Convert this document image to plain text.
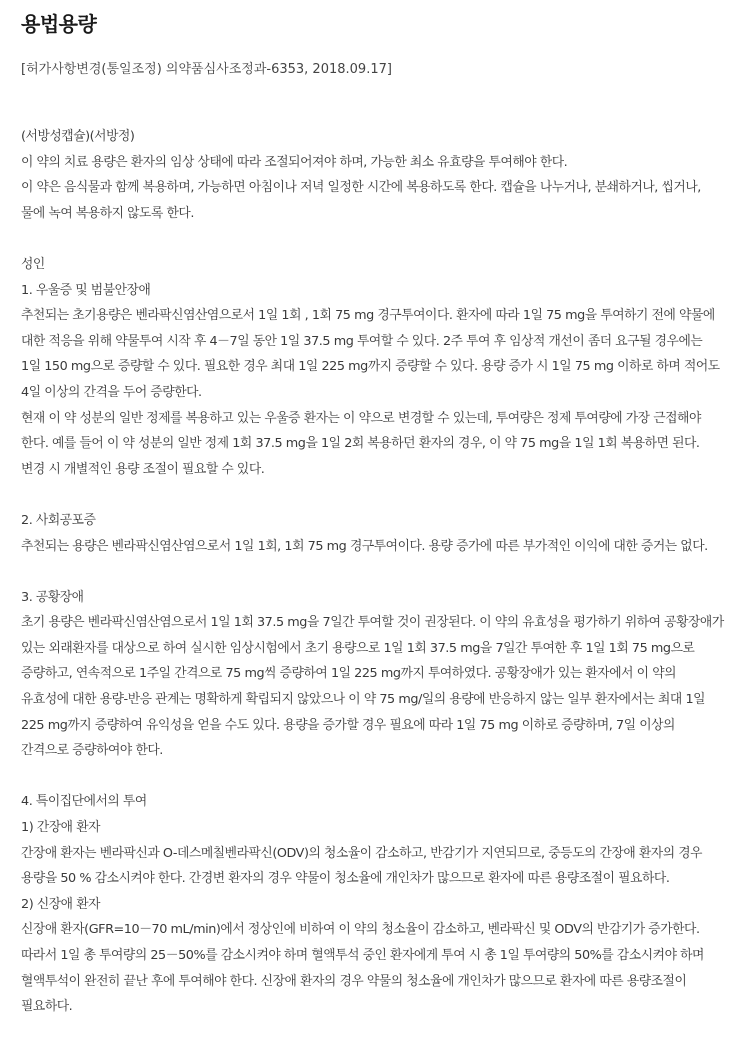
용법용량
[허가사항변경(통일조정) 의약품심사조정과-6353, 2018.09.17]

(서방성캡슐)(서방정)

이 약의 치료 용량은 환자의 임상 상태에 따라 조절되어져야 하며, 가능한 최소 유효량을 투여해야 한다.

이 약은 음식물과 함께 복용하며, 가능하면 아침이나 저녁 일정한 시간에 복용하도록 한다. 캡슐을 나누거나, 분쇄하거나, 씹거나, 물에 녹여 복용하지 않도록 한다.

성인

1. 우울증 및 범불안장애

추천되는 초기용량은 벤라팍신염산염으로서 1일 1회 , 1회 75 mg 경구투여이다. 환자에 따라 1일 75 mg을 투여하기 전에 약물에 대한 적응을 위해 약물투여 시작 후 4－7일 동안 1일 37.5 mg 투여할 수 있다. 2주 투여 후 임상적 개선이 좀더 요구될 경우에는 1일 150 mg으로 증량할 수 있다. 필요한 경우 최대 1일 225 mg까지 증량할 수 있다. 용량 증가 시 1일 75 mg 이하로 하며 적어도 4일 이상의 간격을 두어 증량한다.

현재 이 약 성분의 일반 정제를 복용하고 있는 우울증 환자는 이 약으로 변경할 수 있는데, 투여량은 정제 투여량에 가장 근접해야 한다. 예를 들어 이 약 성분의 일반 정제 1회 37.5 mg을 1일 2회 복용하던 환자의 경우, 이 약 75 mg을 1일 1회 복용하면 된다. 변경 시 개별적인 용량 조절이 필요할 수 있다.

2. 사회공포증

추천되는 용량은 벤라팍신염산염으로서 1일 1회, 1회 75 mg 경구투여이다. 용량 증가에 따른 부가적인 이익에 대한 증거는 없다.

3. 공황장애

초기 용량은 벤라팍신염산염으로서 1일 1회 37.5 mg을 7일간 투여할 것이 권장된다. 이 약의 유효성을 평가하기 위하여 공황장애가 있는 외래환자를 대상으로 하여 실시한 임상시험에서 초기 용량으로 1일 1회 37.5 mg을 7일간 투여한 후 1일 1회 75 mg으로 증량하고, 연속적으로 1주일 간격으로 75 mg씩 증량하여 1일 225 mg까지 투여하였다. 공황장애가 있는 환자에서 이 약의 유효성에 대한 용량-반응 관계는 명확하게 확립되지 않았으나 이 약 75 mg/일의 용량에 반응하지 않는 일부 환자에서는 최대 1일 225 mg까지 증량하여 유익성을 얻을 수도 있다. 용량을 증가할 경우 필요에 따라 1일 75 mg 이하로 증량하며, 7일 이상의 간격으로 증량하여야 한다.

4. 특이집단에서의 투여

1) 간장애 환자

간장애 환자는 벤라팍신과 O-데스메칠벤라팍신(ODV)의 청소율이 감소하고, 반감기가 지연되므로, 중등도의 간장애 환자의 경우 용량을 50 % 감소시켜야 한다. 간경변 환자의 경우 약물이 청소율에 개인차가 많으므로 환자에 따른 용량조절이 필요하다.

2) 신장애 환자

신장애 환자(GFR=10－70 mL/min)에서 정상인에 비하여 이 약의 청소율이 감소하고, 벤라팍신 및 ODV의 반감기가 증가한다. 따라서 1일 총 투여량의 25－50%를 감소시켜야 하며 혈액투석 중인 환자에게 투여 시 총 1일 투여량의 50%를 감소시켜야 하며 혈액투석이 완전히 끝난 후에 투여해야 한다. 신장애 환자의 경우 약물의 청소율에 개인차가 많으므로 환자에 따른 용량조절이 필요하다.
